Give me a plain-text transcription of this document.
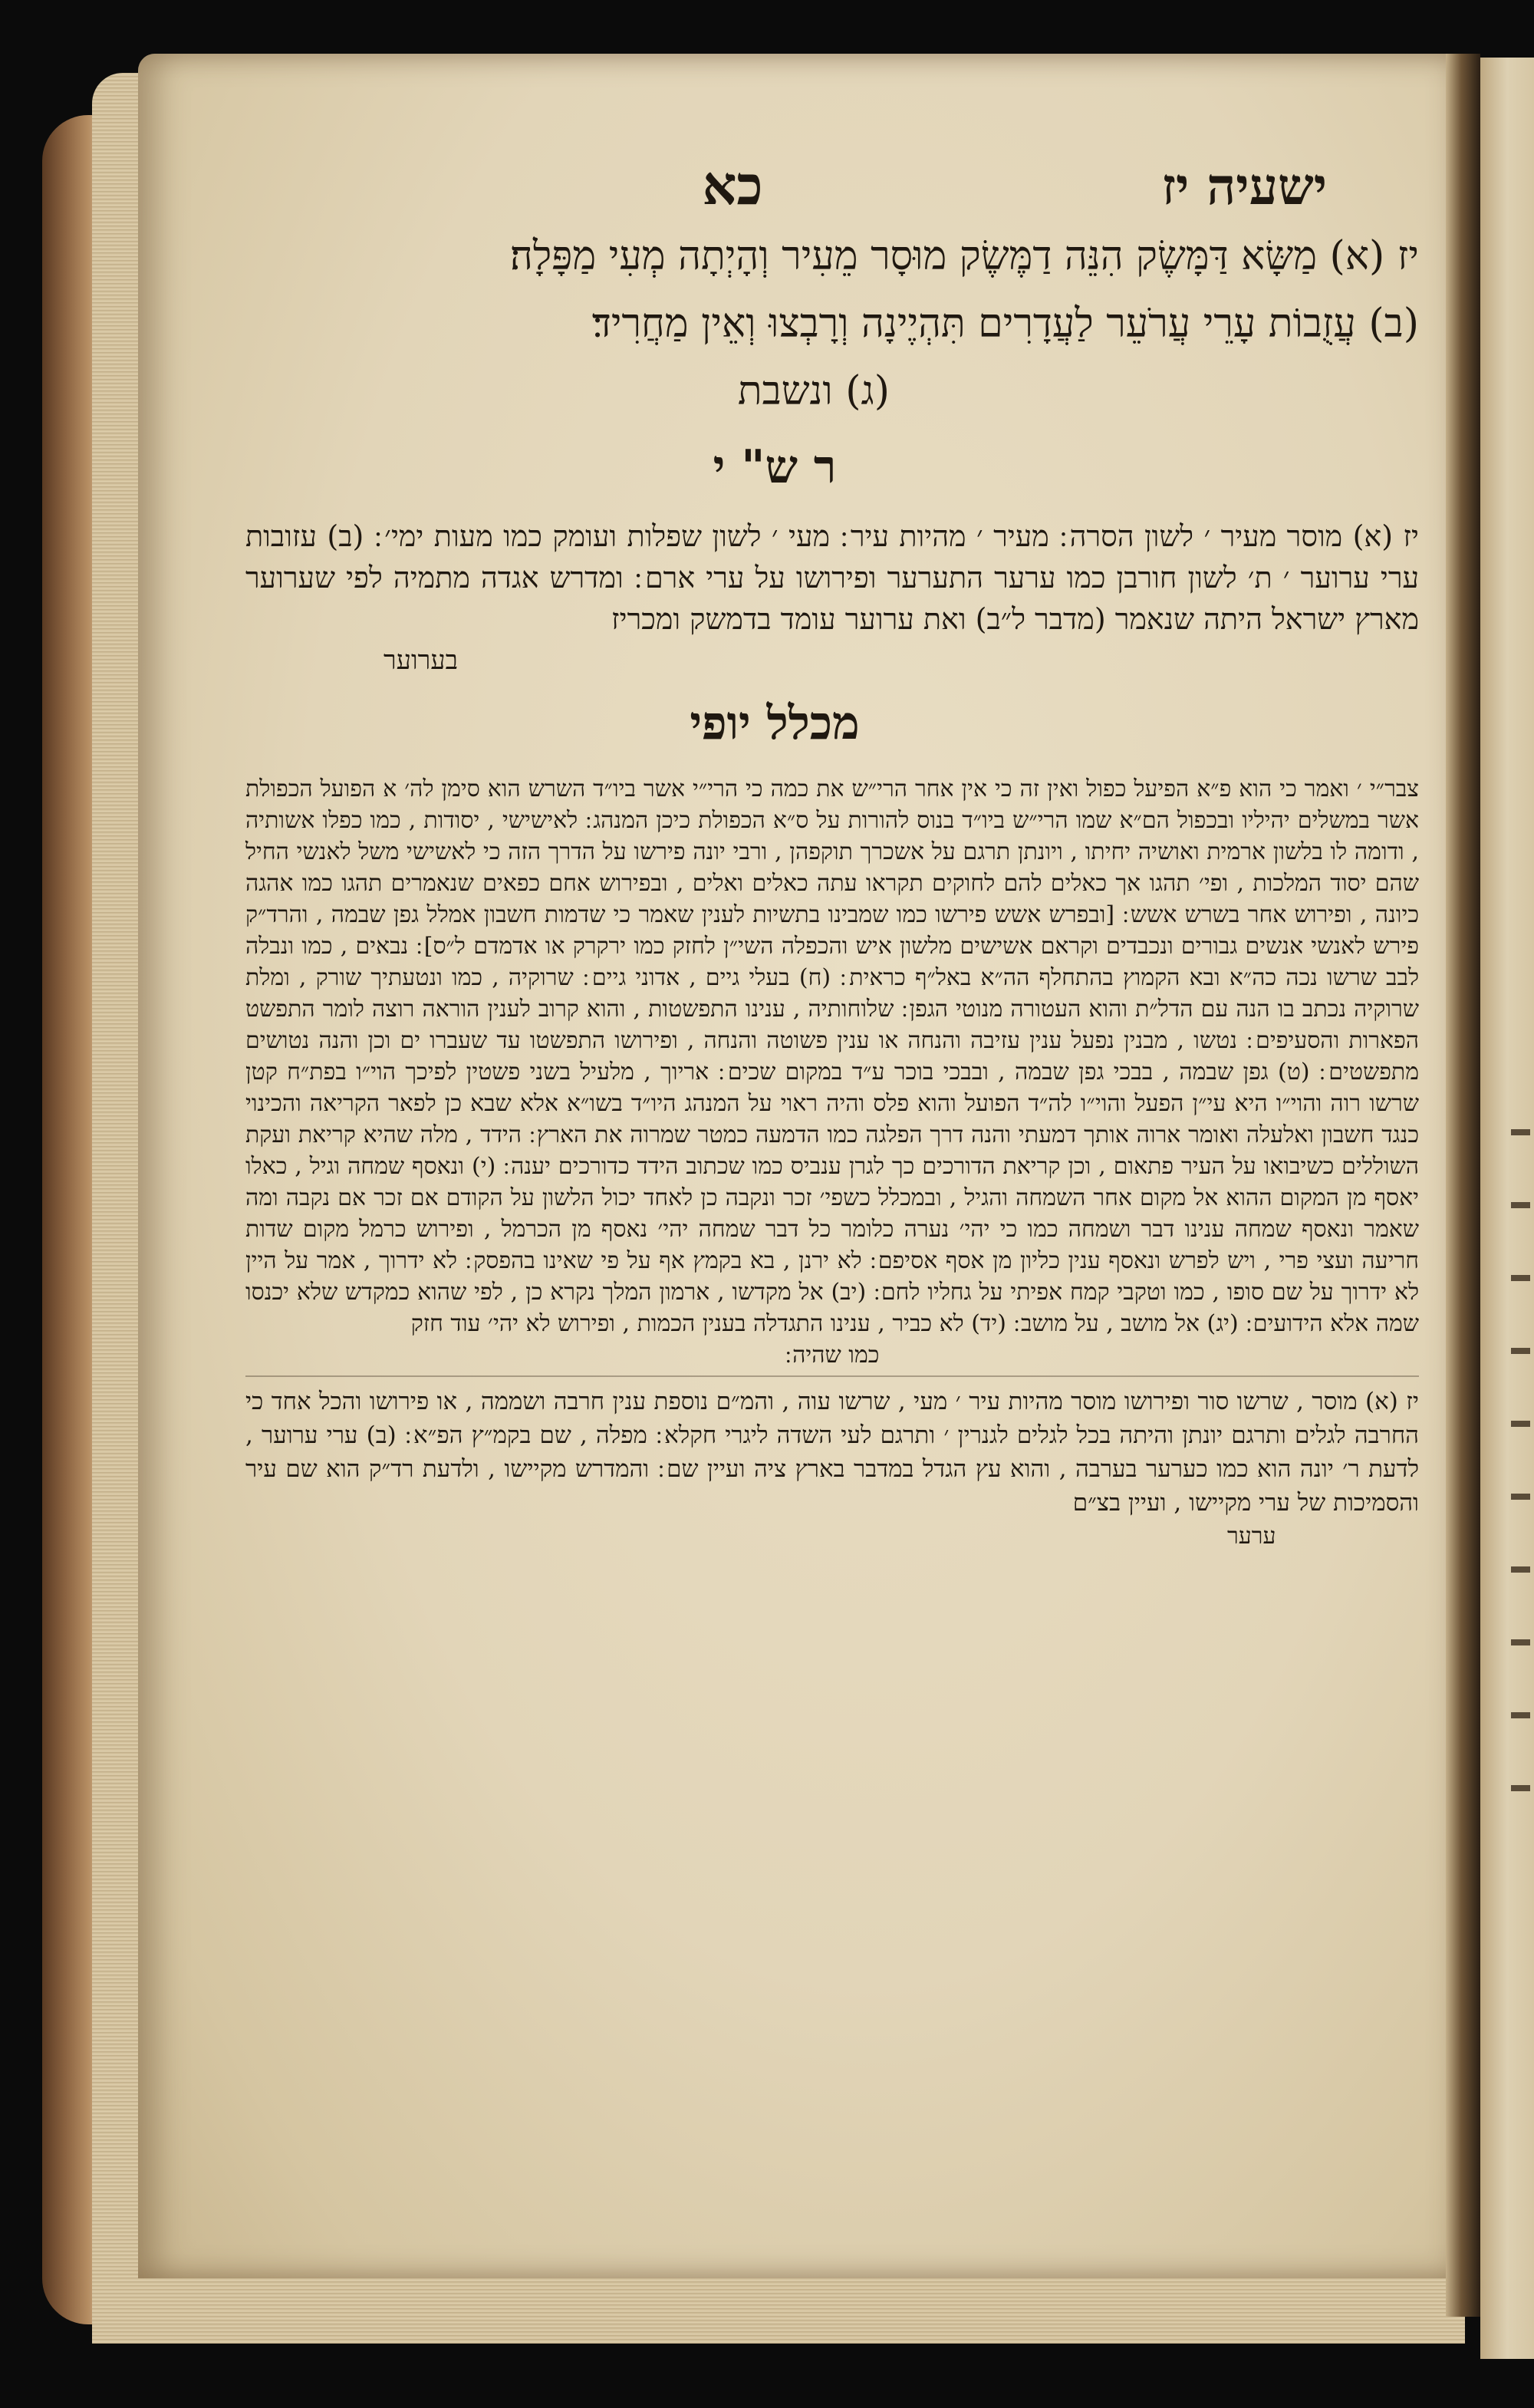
ישעיה יז
כא
יז (א) מַשָּׂא דַּמָּשֶׂק הִנֵּה דַמֶּשֶׂק מוּסָר מֵעִיר וְהָיְתָה מְעִי מַפָּלָה׃
(ב) עֲזֻבוֹת עָרֵי עֲרֹעֵר לַעֲדָרִים תִּהְיֶינָה וְרָבְצוּ וְאֵין מַחֲרִיד׃
(ג) ונשבת
ר ש" י
יז (א) מוסר מעיר ׳ לשון הסרה ׃ מעיר ׳ מהיות עיר ׃ מעי ׳ לשון שפלות ועומק כמו מעות ימי׳ ׃ (ב) עזובות ערי ערוער ׳ ת׳ לשון חורבן כמו ערער התערער ופירושו על ערי ארם ׃ ומדרש אגדה מתמיה לפי שערוער מארץ ישראל היתה שנאמר (מדבר ל״ב) ואת ערוער עומד בדמשק ומכריז
בערוער
מכלל יופי
צבר״י ׳ ואמר כי הוא פ״א הפיעל כפול ואין זה כי אין אחר הרי״ש את כמה כי הרי״י אשר ביו״ד השרש הוא סימן לה׳ א הפועל הכפולת אשר במשלים יהיליו ובכפול הם״א שמו הרי״ש ביו״ד בנוס להורות על ס״א הכפולת כיכן המנהג ׃ לאישישי , יסודות , כמו כפלו אשותיה , ודומה לו בלשון ארמית ואושיה יחיתו , ויונתן תרגם על אשכרך תוקפהן , ורבי יונה פירשו על הדרך הזה כי לאשישי משל לאנשי החיל שהם יסוד המלכות , ופי׳ תהגו אך כאלים להם לחוקים תקראו עתה כאלים ואלים , ובפירוש אחם כפאים שנאמרים תהגו כמו אהגה כיונה , ופירוש אחר בשרש אשש ׃ [ובפרש אשש פירשו כמו שמבינו בתשיות לענין שאמר כי שדמות חשבון אמלל גפן שבמה , והרד״ק פירש לאנשי אנשים גבורים ונכבדים וקראם אשישים מלשון איש והכפלה השי״ן לחזק כמו ירקרק או אדמדם ל״ס] ׃ נבאים , כמו ונבלה לבב שרשו נכה כה״א ובא הקמוץ בהתחלף הה״א באל״ף כראית ׃ (ח) בעלי גיים , אדוני גיים ׃ שרוקיה , כמו ונטעתיך שורק , ומלת שרוקיה נכתב בו הנה עם הדל״ת והוא העטורה מנוטי הגפן ׃ שלוחותיה , ענינו התפשטות , והוא קרוב לענין הוראה רוצה לומר התפשט הפארות והסעיפים ׃ נטשו , מבנין נפעל ענין עזיבה והנחה או ענין פשוטה והנחה , ופירושו התפשטו עד שעברו ים וכן והנה נטושים מתפשטים ׃ (ט) גפן שבמה , בבכי גפן שבמה , ובבכי בוכר ע״ד במקום שכים ׃ אריוך , מלעיל בשני פשטין לפיכך הוי״ו בפת״ח קטן שרשו רוה והוי״ו היא עי״ן הפעל והוי״ו לה״ד הפועל והוא פלס והיה ראוי על המנהג היו״ד בשו״א אלא שבא כן לפאר הקריאה והכינוי כנגד חשבון ואלעלה ואומר ארוה אותך דמעתי והנה דרך הפלגה כמו הדמעה כמטר שמרוה את הארץ ׃ הידד , מלה שהיא קריאת ועקת השוללים כשיבואו על העיר פתאום , וכן קריאת הדורכים כך לגרן ענביס כמו שכתוב הידד כדורכים יענה ׃ (י) ונאסף שמחה וגיל , כאלו יאסף מן המקום ההוא אל מקום אחר השמחה והגיל , ובמכלל כשפי׳ זכר ונקבה כן לאחד יכול הלשון על הקודם אם זכר אם נקבה ומה שאמר ונאסף שמחה ענינו דבר ושמחה כמו כי יהי׳ נערה כלומר כל דבר שמחה יהי׳ נאסף מן הכרמל , ופירוש כרמל מקום שדות חריעה ועצי פרי , ויש לפרש ונאסף ענין כליון מן אסף אסיפם ׃ לא ירנן , בא בקמץ אף על פי שאינו בהפסק ׃ לא ידרוך , אמר על היין לא ידרוך על שם סופו , כמו וטקבי קמח אפיתי על גחליו לחם ׃ (יב) אל מקדשו , ארמון המלך נקרא כן , לפי שהוא כמקדש שלא יכנסו שמה אלא הידועים ׃ (יג) אל מושב , על מושב ׃ (יד) לא כביר , ענינו התגדלה בענין הכמות , ופירוש לא יהי׳ עוד חזק
כמו שהיה ׃
יז (א) מוסר , שרשו סור ופירושו מוסר מהיות עיר ׳ מעי , שרשו עוה , והמ״ם נוספת ענין חרבה ושממה , או פירושו והכל אחד כי החרבה לגלים ותרגם יונתן והיתה בכל לגלים לגנרין ׳ ותרגם לעי השדה ליגרי חקלא ׃ מפלה , שם בקמ״ץ הפ״א ׃ (ב) ערי ערוער , לדעת ר׳ יונה הוא כמו כערער בערבה , והוא עץ הגדל במדבר בארץ ציה ועיין שם ׃ והמדרש מקיישו , ולדעת רד״ק הוא שם עיר והסמיכות של ערי מקיישו , ועיין בצ״ם
ערער
